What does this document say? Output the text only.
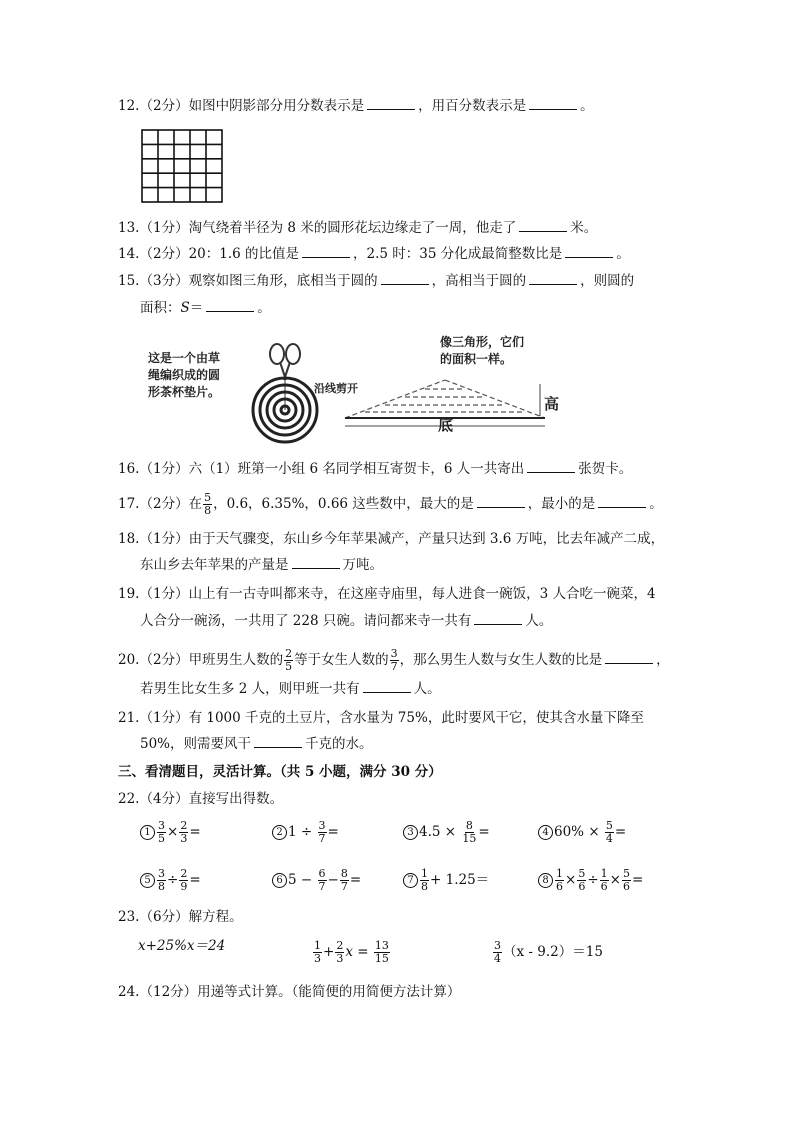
12.（2分）如图中阴影部分用分数表示是	，用百分数表示是	。
13.（1分）淘气绕着半径为 8 米的圆形花坛边缘走了一周，他走了	米。
14.（2分）20：1.6 的比值是	，2.5 时：35 分化成最简整数比是	。
15.（3分）观察如图三角形，底相当于圆的	，高相当于圆的	，则圆的
面积：S＝	。
这是一个由草
绳编织成的圆
形茶杯垫片。	沿线剪开
像三角形，它们
的面积一样。
底
高
16.（1分）六（1）班第一小组 6 名同学相互寄贺卡，6 人一共寄出	张贺卡。
17.（2分）在 $\frac{5}{8}$ ，0.6，6.35%，0.66 这些数中，最大的是	，最小的是	。
18.（1分）由于天气骤变，东山乡今年苹果减产，产量只达到 3.6 万吨，比去年减产二成，
东山乡去年苹果的产量是	万吨。
19.（1分）山上有一古寺叫都来寺，在这座寺庙里，每人进食一碗饭，3 人合吃一碗菜，4
人合分一碗汤，一共用了 228 只碗。请问都来寺一共有	人。
20.（2分）甲班男生人数的 $\frac{2}{5}$ 等于女生人数的 $\frac{3}{7}$ ，那么男生人数与女生人数的比是	，
若男生比女生多 2 人，则甲班一共有	人。
21.（1分）有 1000 千克的土豆片，含水量为 75%，此时要风干它，使其含水量下降至
50%，则需要风干	千克的水。
三、看清题目，灵活计算。（共 5 小题，满分 30 分）
22.（4分）直接写出得数。
$1 \frac{3}{5} \times \frac{2}{3}$ =	2 $1 \div \frac{3}{7}$ =	3 $4.5 \times \frac{8}{15}$ =	4 $60\% \times \frac{5}{4}$ =
$5 \frac{3}{8} \div \frac{2}{9}$ =	6 $5 - \frac{6}{7} - \frac{8}{7}$ =	$7 \frac{1}{8} + 1.25=$	$8 \frac{1}{6} \times \frac{5}{6} \div \frac{1}{6} \times \frac{5}{6}$ =
23.（6分）解方程。
x+25%x＝24	$\frac{1}{3} + \frac{2}{3}$ $x = \frac{13}{15}$	$\frac{3}{4} (x - 9.2)=15$
24.（12分）用递等式计算。（能简便的用简便方法计算）
